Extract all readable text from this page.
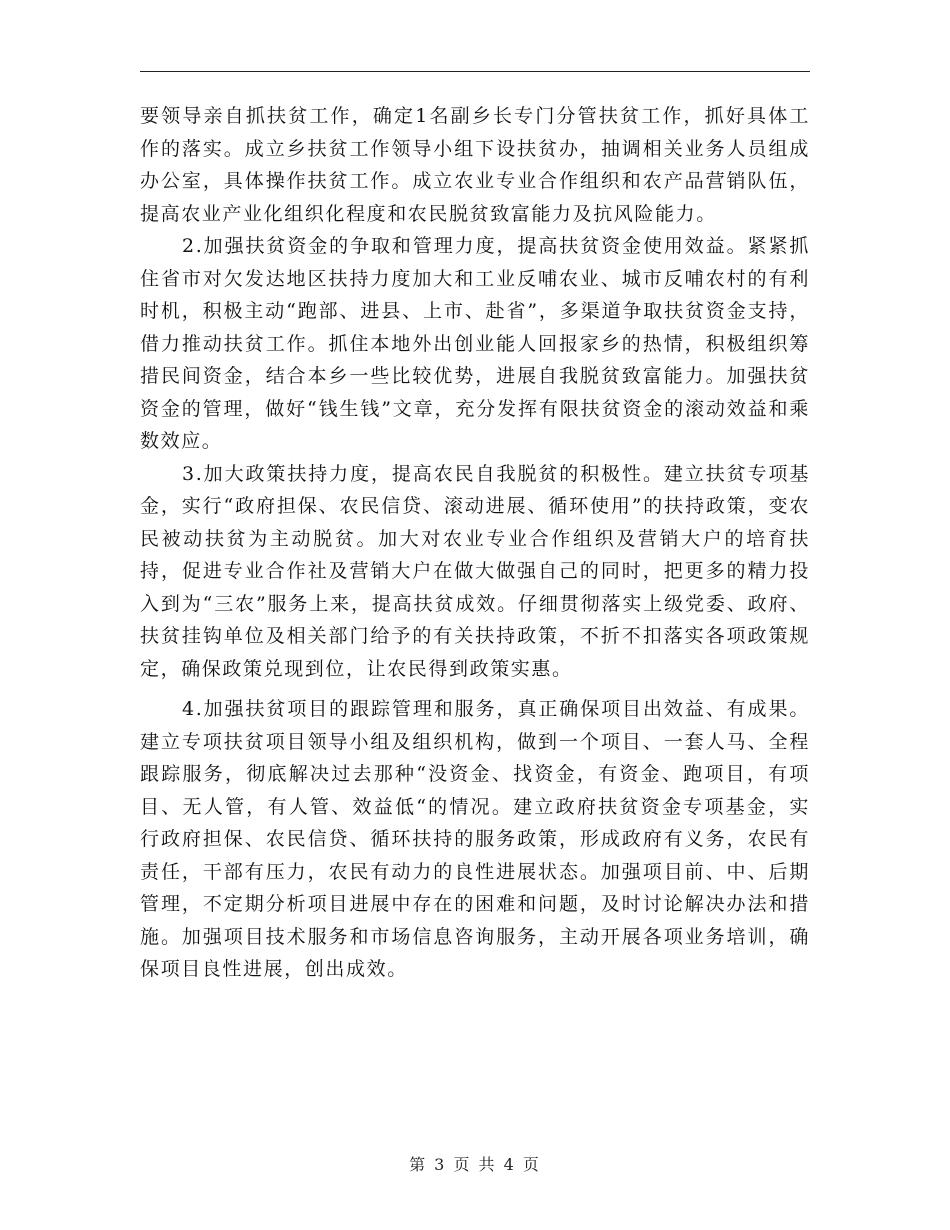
要领导亲自抓扶贫工作，确定1名副乡长专门分管扶贫工作，抓好具体工作的落实。成立乡扶贫工作领导小组下设扶贫办，抽调相关业务人员组成办公室，具体操作扶贫工作。成立农业专业合作组织和农产品营销队伍，提高农业产业化组织化程度和农民脱贫致富能力及抗风险能力。

2.加强扶贫资金的争取和管理力度，提高扶贫资金使用效益。紧紧抓住省市对欠发达地区扶持力度加大和工业反哺农业、城市反哺农村的有利时机，积极主动“跑部、进县、上市、赴省”，多渠道争取扶贫资金支持，借力推动扶贫工作。抓住本地外出创业能人回报家乡的热情，积极组织筹措民间资金，结合本乡一些比较优势，进展自我脱贫致富能力。加强扶贫资金的管理，做好“钱生钱”文章，充分发挥有限扶贫资金的滚动效益和乘数效应。

3.加大政策扶持力度，提高农民自我脱贫的积极性。建立扶贫专项基金，实行“政府担保、农民信贷、滚动进展、循环使用”的扶持政策，变农民被动扶贫为主动脱贫。加大对农业专业合作组织及营销大户的培育扶持，促进专业合作社及营销大户在做大做强自己的同时，把更多的精力投入到为“三农”服务上来，提高扶贫成效。仔细贯彻落实上级党委、政府、扶贫挂钩单位及相关部门给予的有关扶持政策，不折不扣落实各项政策规定，确保政策兑现到位，让农民得到政策实惠。

4.加强扶贫项目的跟踪管理和服务，真正确保项目出效益、有成果。建立专项扶贫项目领导小组及组织机构，做到一个项目、一套人马、全程跟踪服务，彻底解决过去那种“没资金、找资金，有资金、跑项目，有项目、无人管，有人管、效益低“的情况。建立政府扶贫资金专项基金，实行政府担保、农民信贷、循环扶持的服务政策，形成政府有义务，农民有责任，干部有压力，农民有动力的良性进展状态。加强项目前、中、后期管理，不定期分析项目进展中存在的困难和问题，及时讨论解决办法和措施。加强项目技术服务和市场信息咨询服务，主动开展各项业务培训，确保项目良性进展，创出成效。

第 3 页 共 4 页
